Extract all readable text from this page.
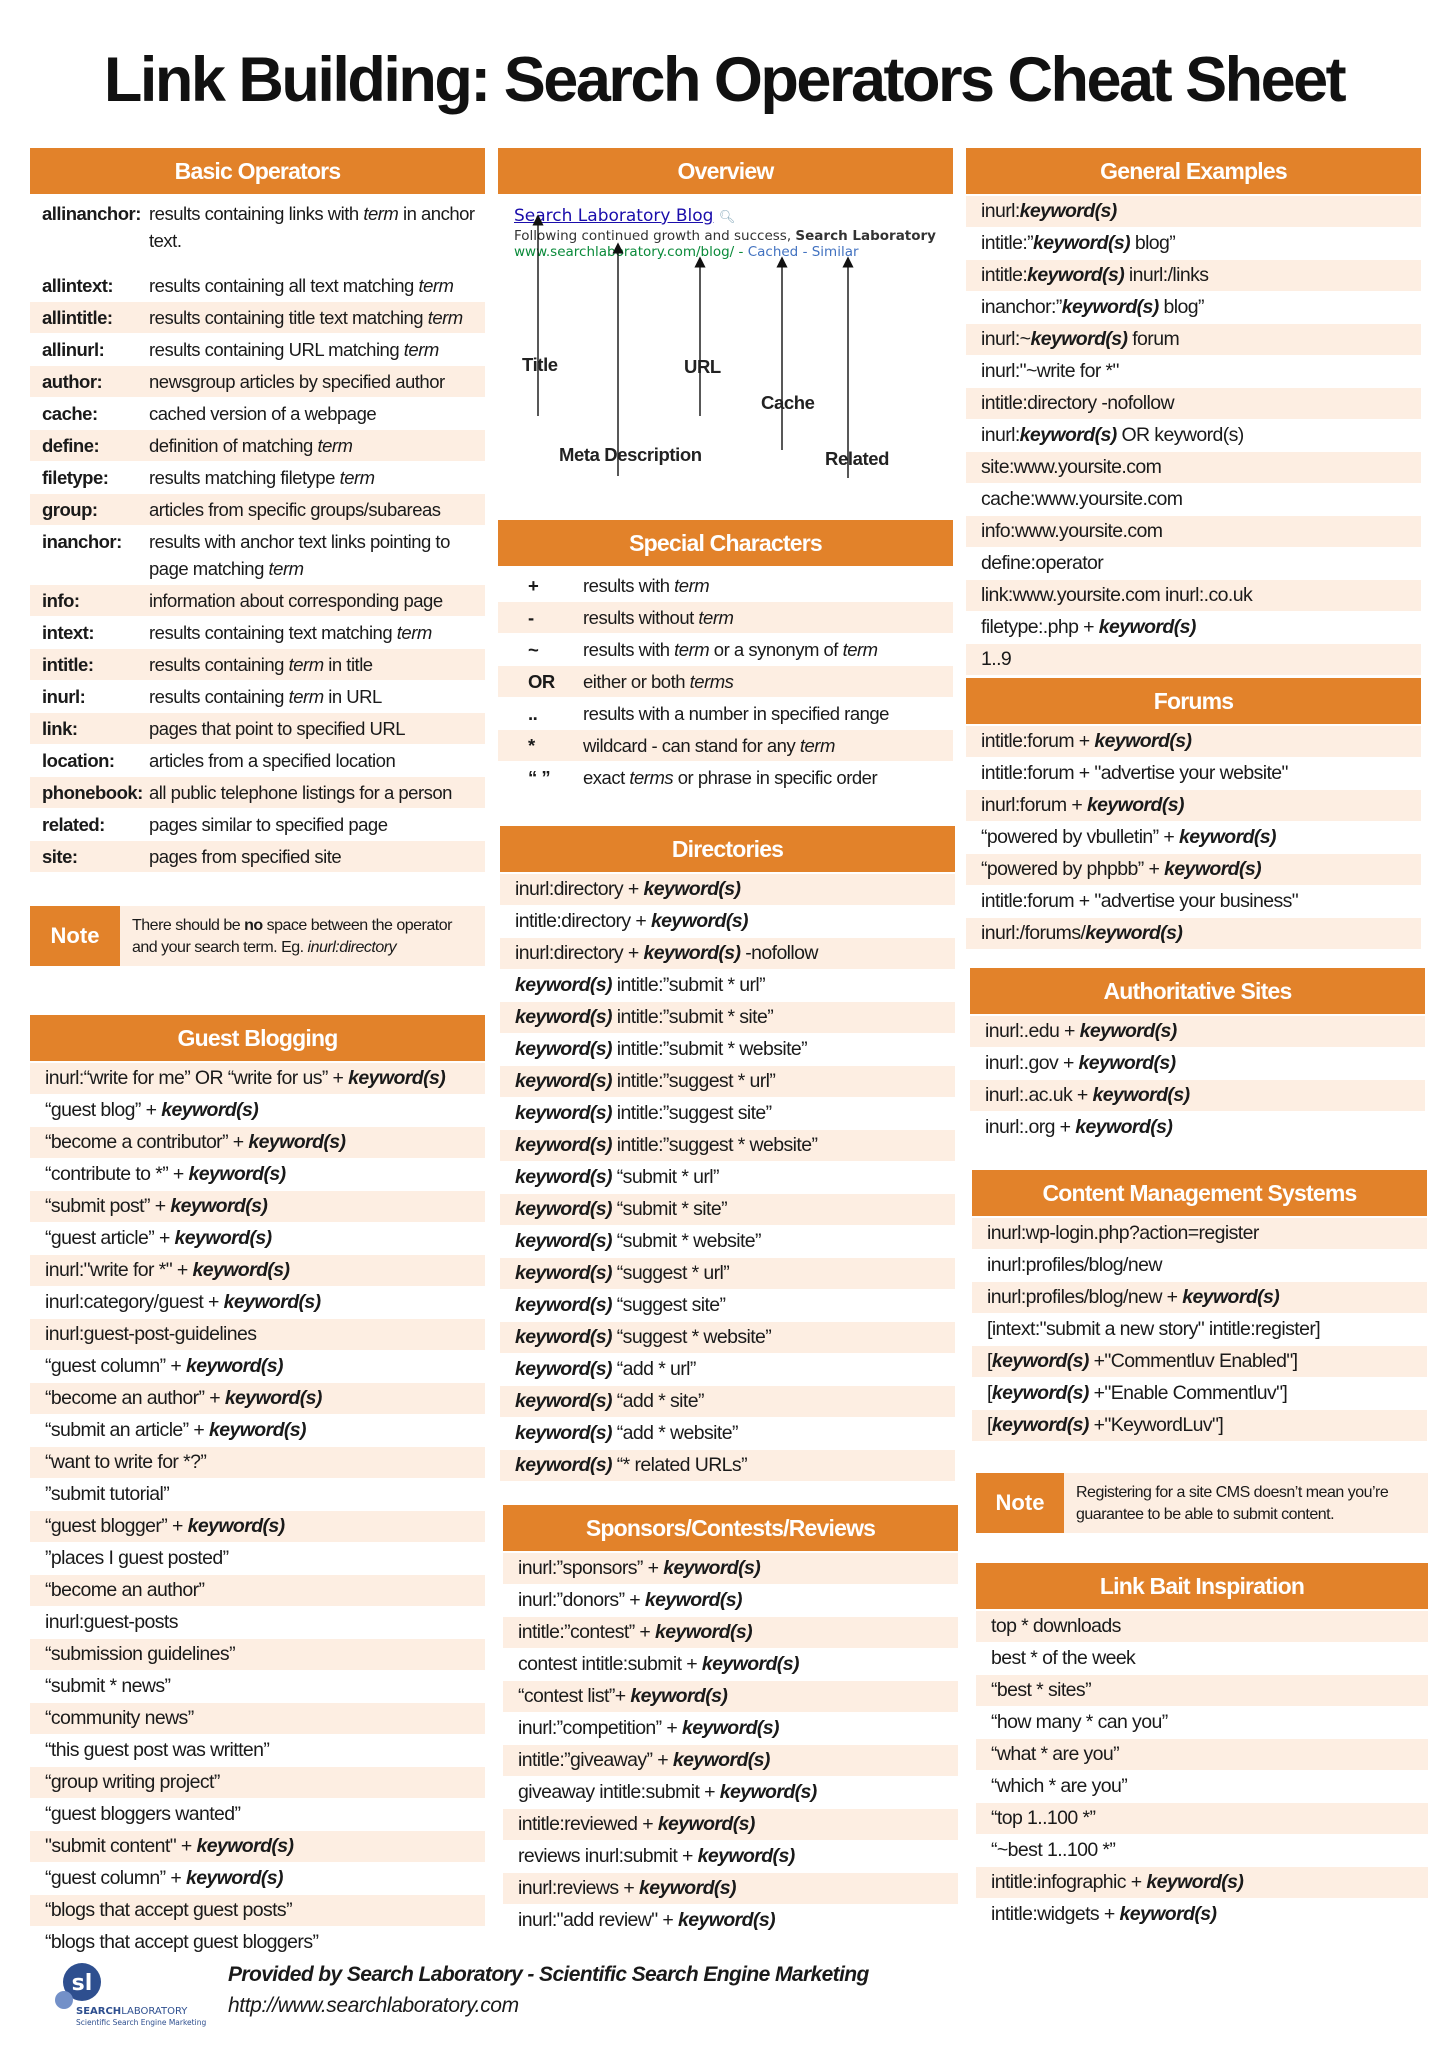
Link Building: Search Operators Cheat Sheet
Basic Operators
allinanchor: results containing links with term in anchor text.
allintext:	results containing all text matching term
allintitle:	results containing title text matching term
allinurl:	results containing URL matching term
author:	newsgroup articles by specified author
cache:	cached version of a webpage
define:	definition of matching term
filetype:	results matching filetype term
group:	articles from specific groups/subareas
inanchor:	results with anchor text links pointing to page matching term
info:	information about corresponding page
intext:	results containing text matching term
intitle:	results containing term in title
inurl:	results containing term in URL
link:	pages that point to specified URL
location:	articles from a specified location
phonebook: all public telephone listings for a person
related:	pages similar to specified page
site:	pages from specified site
Note	There should be no space between the operator and your search term. Eg. inurl:directory
Guest Blogging
inurl:“write for me” OR “write for us” + keyword(s)
“guest blog” + keyword(s)
“become a contributor” + keyword(s)
“contribute to *” + keyword(s)
“submit post” + keyword(s)
“guest article” + keyword(s)
inurl:"write for *" + keyword(s)
inurl:category/guest + keyword(s)
inurl:guest-post-guidelines
“guest column” + keyword(s)
“become an author” + keyword(s)
“submit an article” + keyword(s)
“want to write for *?”
”submit tutorial”
“guest blogger” + keyword(s)
”places I guest posted”
“become an author”
inurl:guest-posts
“submission guidelines”
“submit * news”
“community news”
“this guest post was written”
“group writing project”
“guest bloggers wanted”
"submit content" + keyword(s)
“guest column” + keyword(s)
“blogs that accept guest posts”
“blogs that accept guest bloggers”
Overview
Search Laboratory Blog 🔍︎
Following continued growth and success, Search Laboratory
www.searchlaboratory.com/blog/ - Cached - Similar
Title	URL
Cache
Meta Description	Related
Special Characters
+	results with term
-	results without term
~	results with term or a synonym of term
OR	either or both terms
..	results with a number in specified range
*	wildcard - can stand for any term
“ ”	exact terms or phrase in specific order
Directories
inurl:directory + keyword(s)
intitle:directory + keyword(s)
inurl:directory + keyword(s) -nofollow
keyword(s) intitle:”submit * url”
keyword(s) intitle:”submit * site”
keyword(s) intitle:”submit * website”
keyword(s) intitle:”suggest * url”
keyword(s) intitle:”suggest site”
keyword(s) intitle:”suggest * website”
keyword(s) “submit * url”
keyword(s) “submit * site”
keyword(s) “submit * website”
keyword(s) “suggest * url”
keyword(s) “suggest site”
keyword(s) “suggest * website”
keyword(s) “add * url”
keyword(s) “add * site”
keyword(s) “add * website”
keyword(s) “* related URLs”
Sponsors/Contests/Reviews
inurl:”sponsors” + keyword(s)
inurl:”donors” + keyword(s)
intitle:”contest” + keyword(s)
contest intitle:submit + keyword(s)
“contest list”+ keyword(s)
inurl:”competition” + keyword(s)
intitle:”giveaway” + keyword(s)
giveaway intitle:submit + keyword(s)
intitle:reviewed + keyword(s)
reviews inurl:submit + keyword(s)
inurl:reviews + keyword(s)
inurl:"add review" + keyword(s)
General Examples
inurl:keyword(s)
intitle:”keyword(s) blog”
intitle:keyword(s) inurl:/links
inanchor:”keyword(s) blog”
inurl:~keyword(s) forum
inurl:"~write for *"
intitle:directory -nofollow
inurl:keyword(s) OR keyword(s)
site:www.yoursite.com
cache:www.yoursite.com
info:www.yoursite.com
define:operator
link:www.yoursite.com inurl:.co.uk
filetype:.php + keyword(s)
1..9
Forums
intitle:forum + keyword(s)
intitle:forum + "advertise your website"
inurl:forum + keyword(s)
“powered by vbulletin” + keyword(s)
“powered by phpbb” + keyword(s)
intitle:forum + "advertise your business"
inurl:/forums/keyword(s)
Authoritative Sites
inurl:.edu + keyword(s)
inurl:.gov + keyword(s)
inurl:.ac.uk + keyword(s)
inurl:.org + keyword(s)
Content Management Systems
inurl:wp-login.php?action=register
inurl:profiles/blog/new
inurl:profiles/blog/new + keyword(s)
[intext:"submit a new story" intitle:register]
[keyword(s) +"Commentluv Enabled"]
[keyword(s) +"Enable Commentluv"]
[keyword(s) +"KeywordLuv"]
Note	Registering for a site CMS doesn’t mean you’re guarantee to be able to submit content.
Link Bait Inspiration
top * downloads
best * of the week
“best * sites”
“how many * can you”
“what * are you”
“which * are you”
“top 1..100 *”
“~best 1..100 *”
intitle:infographic + keyword(s)
intitle:widgets + keyword(s)
sl
SEARCHLABORATORY
Scientific Search Engine Marketing
Provided by Search Laboratory - Scientific Search Engine Marketing
http://www.searchlaboratory.com
